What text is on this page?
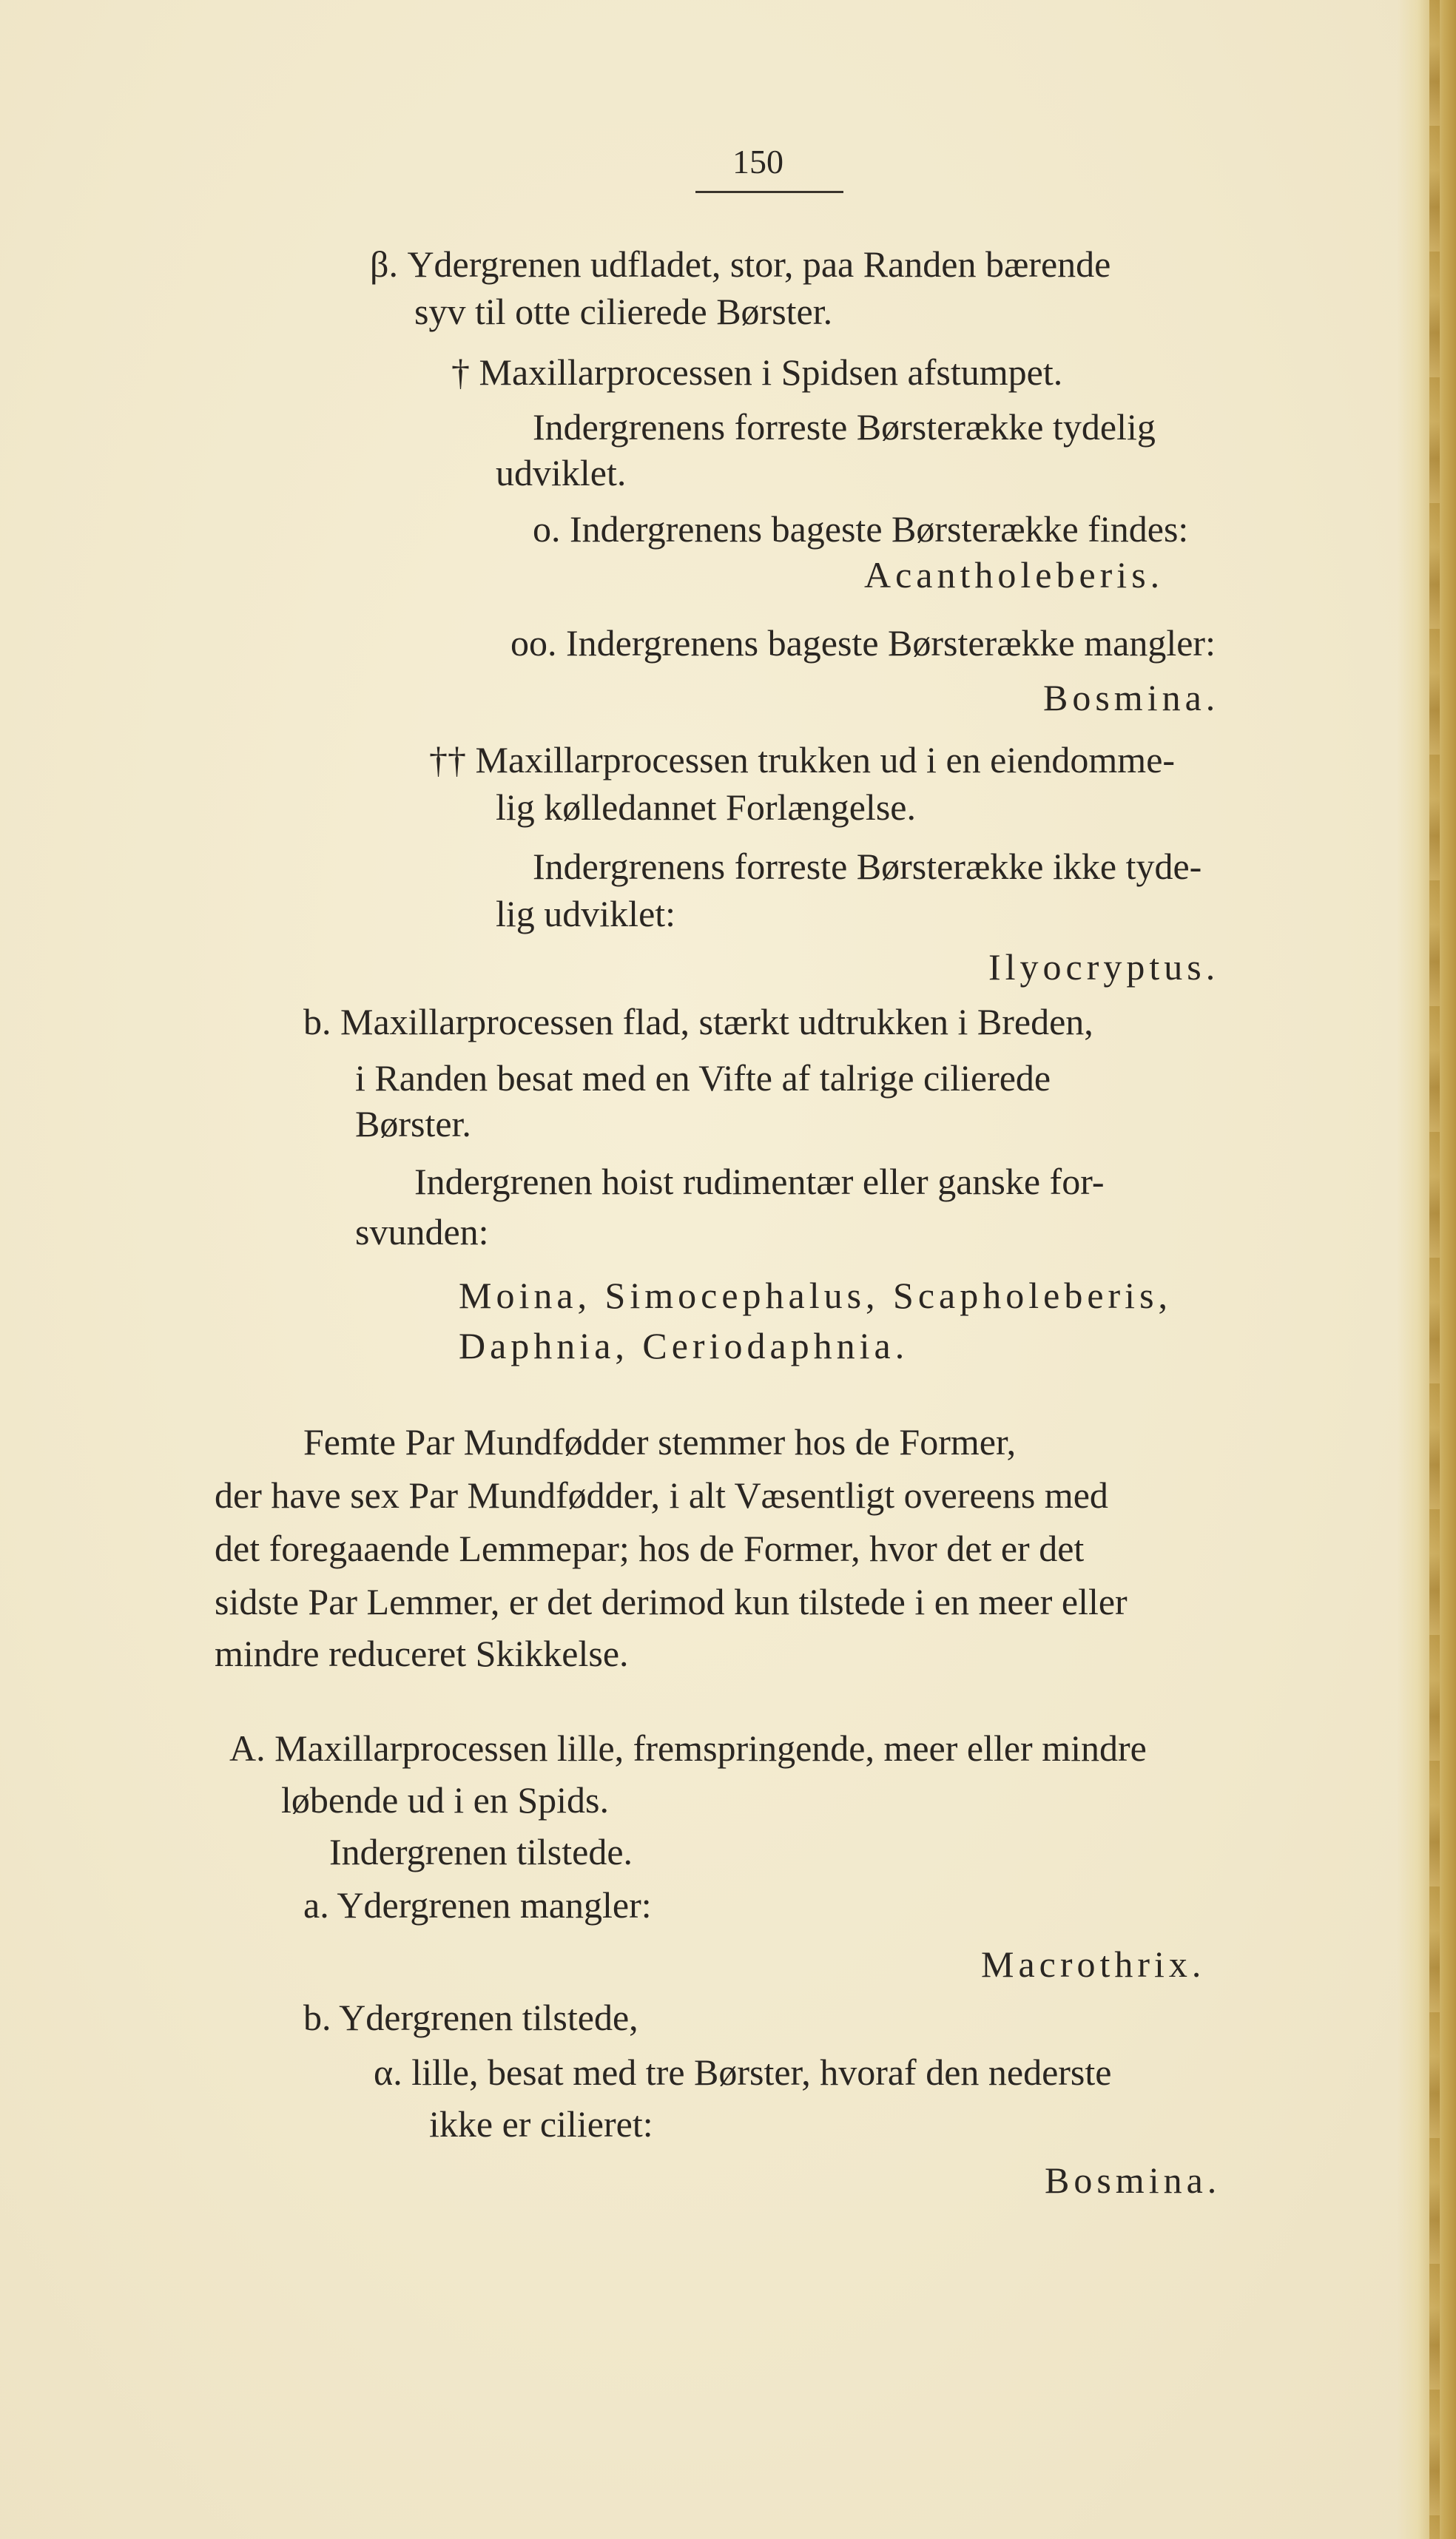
150
β. Ydergrenen udfladet, stor, paa Randen bærende
syv til otte cilierede Børster.
† Maxillarprocessen i Spidsen afstumpet.
Indergrenens forreste Børsterække tydelig
udviklet.
o. Indergrenens bageste Børsterække findes:
Acantholeberis.
oo. Indergrenens bageste Børsterække mangler:
Bosmina.
†† Maxillarprocessen trukken ud i en eiendomme-
lig kølledannet Forlængelse.
Indergrenens forreste Børsterække ikke tyde-
lig udviklet:
Ilyocryptus.
b. Maxillarprocessen flad, stærkt udtrukken i Breden,
i Randen besat med en Vifte af talrige cilierede
Børster.
Indergrenen hoist rudimentær eller ganske for-
svunden:
Moina, Simocephalus, Scapholeberis,
Daphnia, Ceriodaphnia.
Femte Par Mundfødder stemmer hos de Former,
der have sex Par Mundfødder, i alt Væsentligt overeens med
det foregaaende Lemmepar; hos de Former, hvor det er det
sidste Par Lemmer, er det derimod kun tilstede i en meer eller
mindre reduceret Skikkelse.
A. Maxillarprocessen lille, fremspringende, meer eller mindre
løbende ud i en Spids.
Indergrenen tilstede.
a. Ydergrenen mangler:
Macrothrix.
b. Ydergrenen tilstede,
α. lille, besat med tre Børster, hvoraf den nederste
ikke er cilieret:
Bosmina.
